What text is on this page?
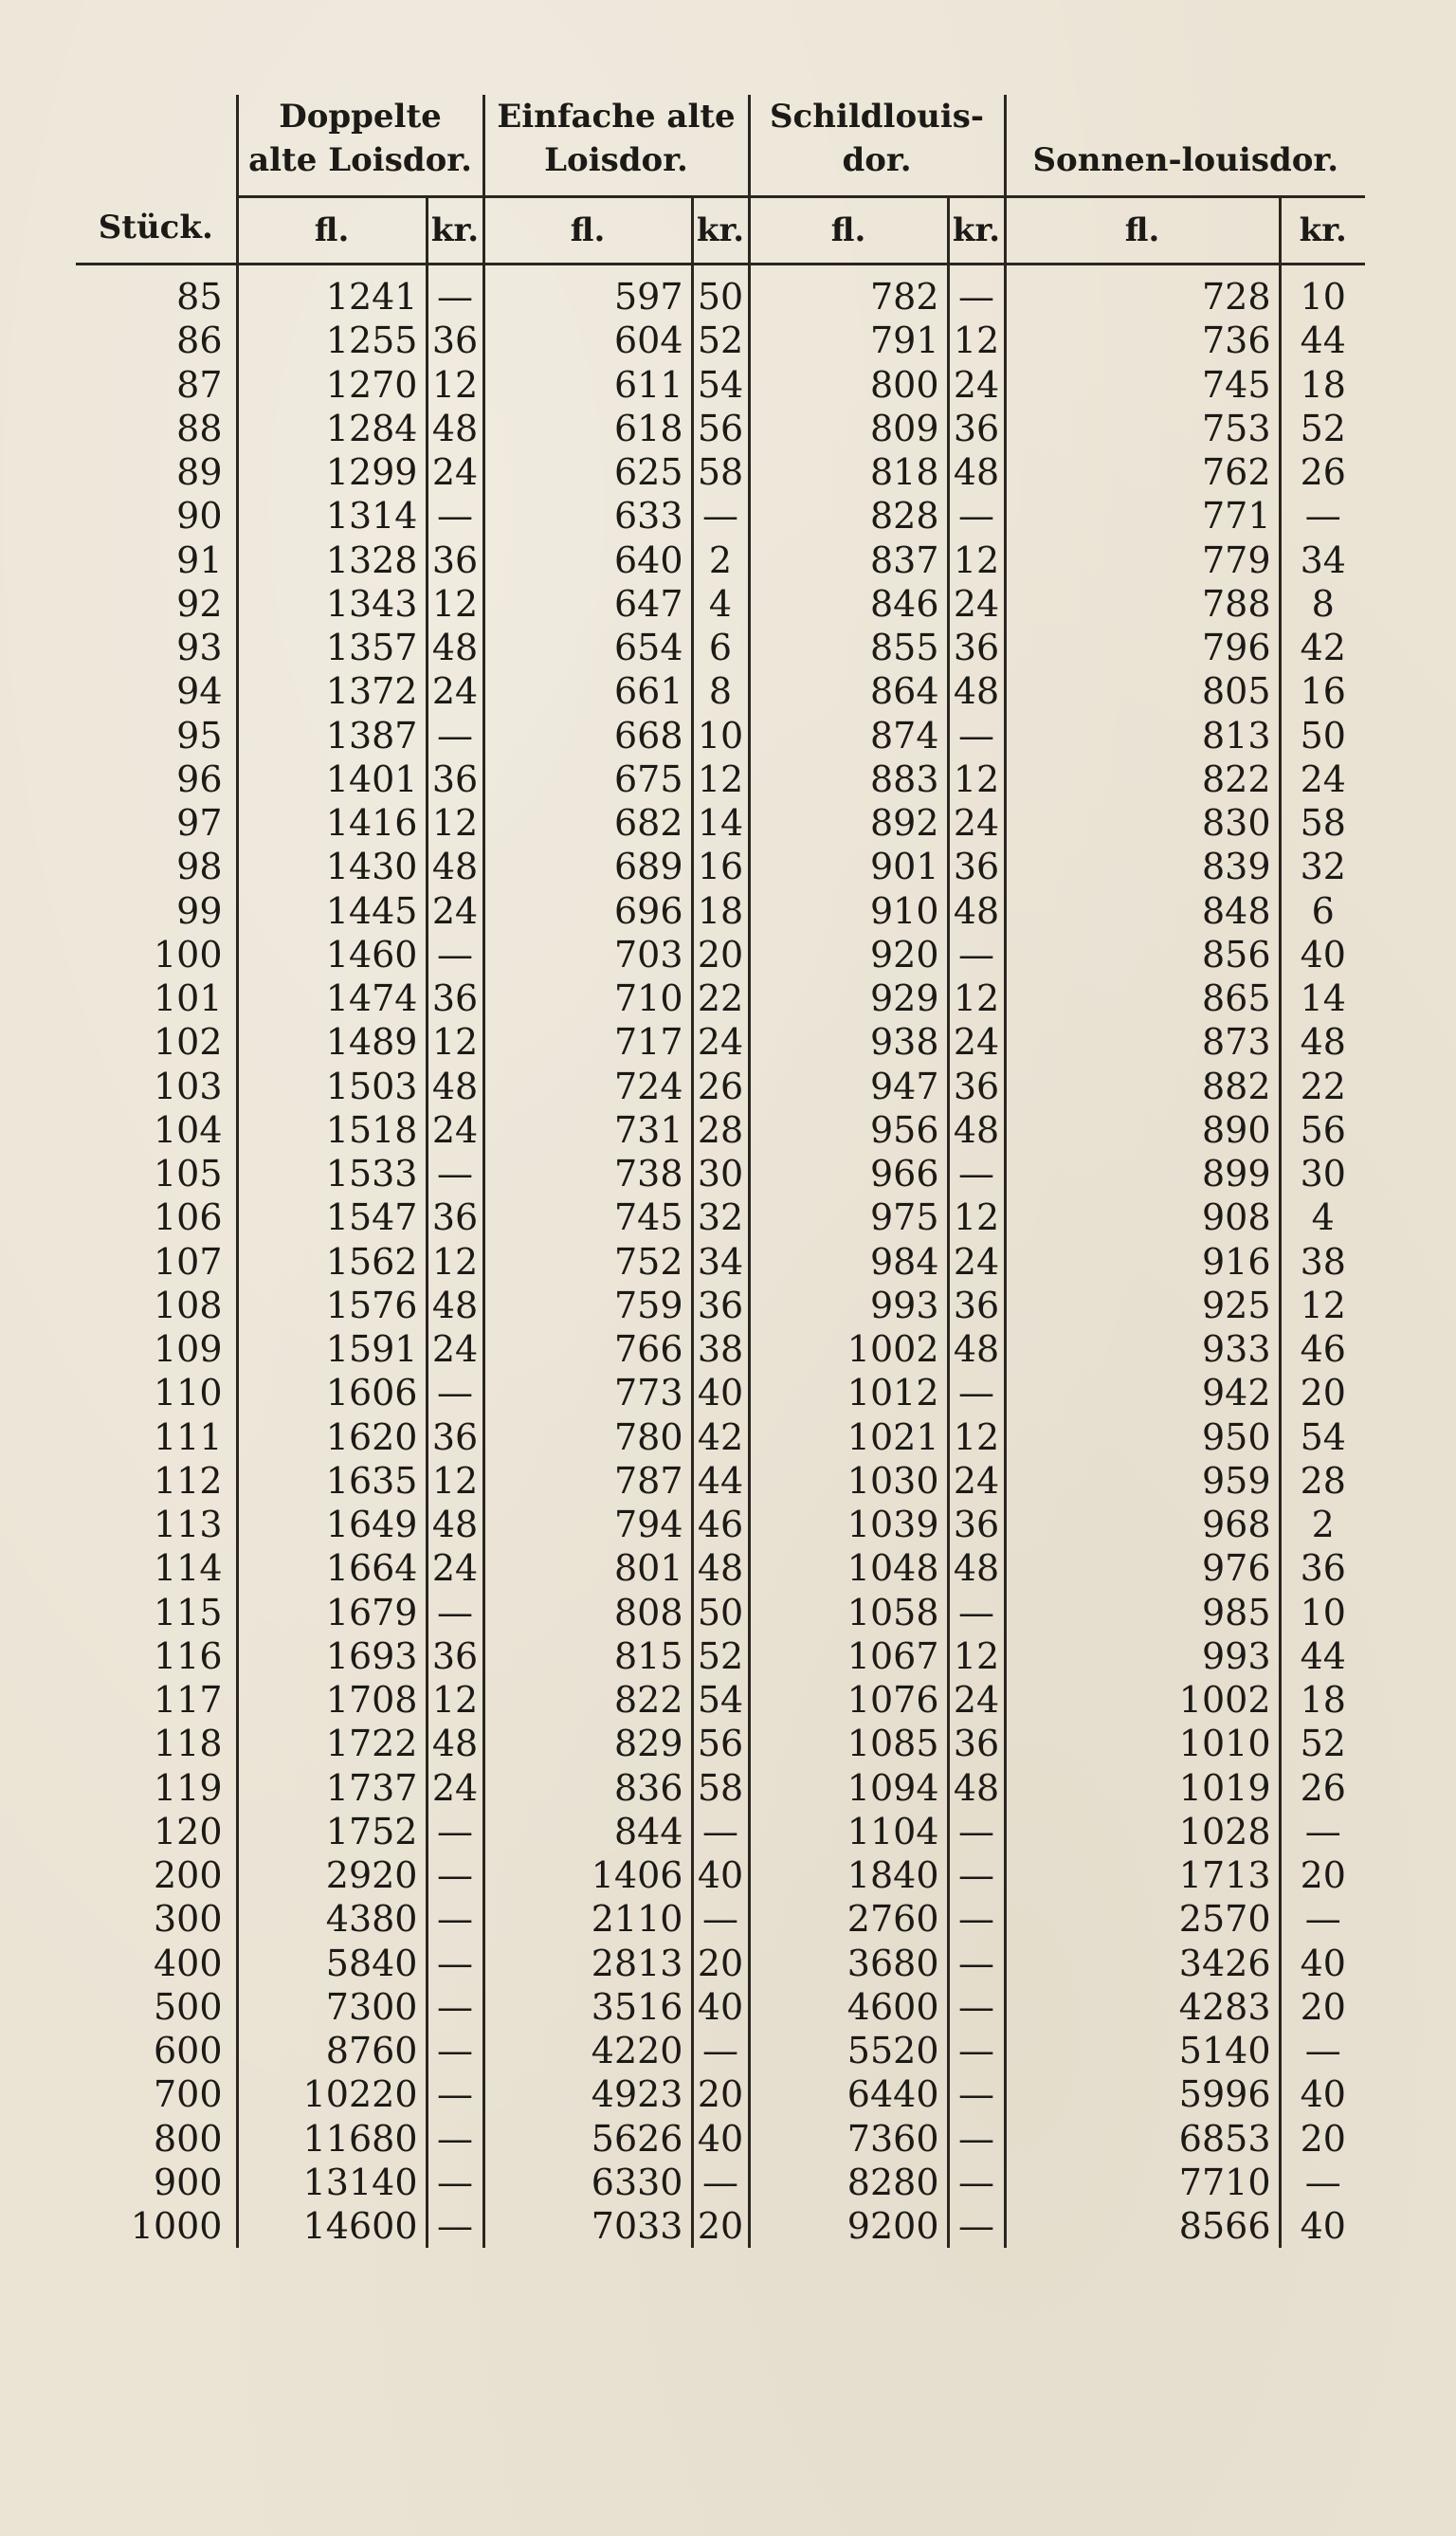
Stück.	Doppelte alte Loisdor.		Einfache alte Loisdor.		Schildlouis-dor.		Sonnen-louisdor.	
	fl.	kr.	fl.	kr.	fl.	kr.	fl.	kr.
85	1241	—	597	50	782	—	728	10
86	1255	36	604	52	791	12	736	44
87	1270	12	611	54	800	24	745	18
88	1284	48	618	56	809	36	753	52
89	1299	24	625	58	818	48	762	26
90	1314	—	633	—	828	—	771	—
91	1328	36	640	2	837	12	779	34
92	1343	12	647	4	846	24	788	8
93	1357	48	654	6	855	36	796	42
94	1372	24	661	8	864	48	805	16
95	1387	—	668	10	874	—	813	50
96	1401	36	675	12	883	12	822	24
97	1416	12	682	14	892	24	830	58
98	1430	48	689	16	901	36	839	32
99	1445	24	696	18	910	48	848	6
100	1460	—	703	20	920	—	856	40
101	1474	36	710	22	929	12	865	14
102	1489	12	717	24	938	24	873	48
103	1503	48	724	26	947	36	882	22
104	1518	24	731	28	956	48	890	56
105	1533	—	738	30	966	—	899	30
106	1547	36	745	32	975	12	908	4
107	1562	12	752	34	984	24	916	38
108	1576	48	759	36	993	36	925	12
109	1591	24	766	38	1002	48	933	46
110	1606	—	773	40	1012	—	942	20
111	1620	36	780	42	1021	12	950	54
112	1635	12	787	44	1030	24	959	28
113	1649	48	794	46	1039	36	968	2
114	1664	24	801	48	1048	48	976	36
115	1679	—	808	50	1058	—	985	10
116	1693	36	815	52	1067	12	993	44
117	1708	12	822	54	1076	24	1002	18
118	1722	48	829	56	1085	36	1010	52
119	1737	24	836	58	1094	48	1019	26
120	1752	—	844	—	1104	—	1028	—
200	2920	—	1406	40	1840	—	1713	20
300	4380	—	2110	—	2760	—	2570	—
400	5840	—	2813	20	3680	—	3426	40
500	7300	—	3516	40	4600	—	4283	20
600	8760	—	4220	—	5520	—	5140	—
700	10220	—	4923	20	6440	—	5996	40
800	11680	—	5626	40	7360	—	6853	20
900	13140	—	6330	—	8280	—	7710	—
1000	14600	—	7033	20	9200	—	8566	40
